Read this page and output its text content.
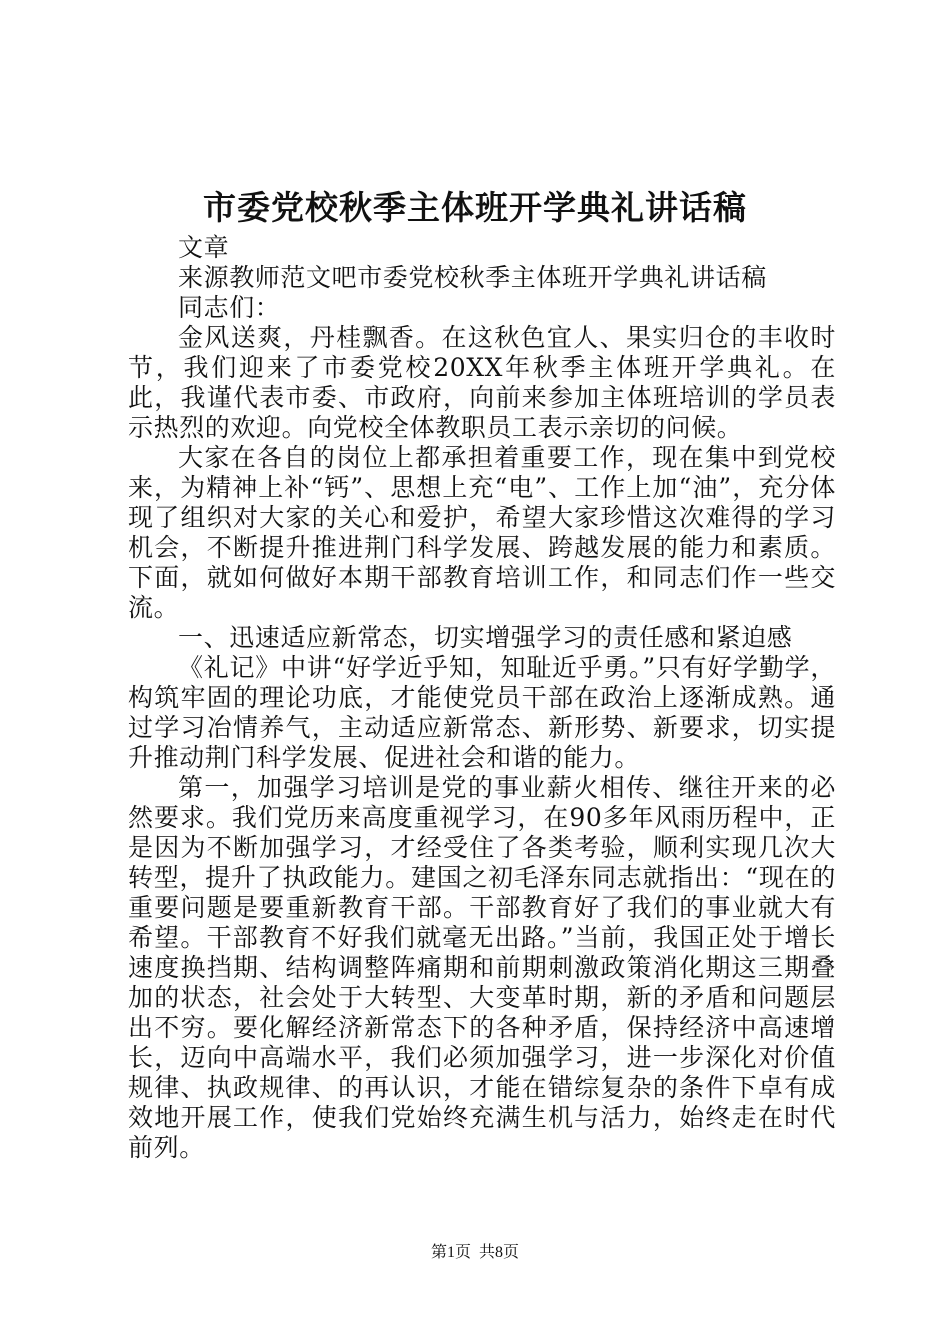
市委党校秋季主体班开学典礼讲话稿

文章

来源教师范文吧市委党校秋季主体班开学典礼讲话稿

同志们：

金风送爽，丹桂飘香。在这秋色宜人、果实归仓的丰收时节，我们迎来了市委党校20XX年秋季主体班开学典礼。在此，我谨代表市委、市政府，向前来参加主体班培训的学员表示热烈的欢迎。向党校全体教职员工表示亲切的问候。

大家在各自的岗位上都承担着重要工作，现在集中到党校来，为精神上补“钙”、思想上充“电”、工作上加“油”，充分体现了组织对大家的关心和爱护，希望大家珍惜这次难得的学习机会，不断提升推进荆门科学发展、跨越发展的能力和素质。下面，就如何做好本期干部教育培训工作，和同志们作一些交流。

一、迅速适应新常态，切实增强学习的责任感和紧迫感

《礼记》中讲“好学近乎知，知耻近乎勇。”只有好学勤学，构筑牢固的理论功底，才能使党员干部在政治上逐渐成熟。通过学习冶情养气，主动适应新常态、新形势、新要求，切实提升推动荆门科学发展、促进社会和谐的能力。

第一，加强学习培训是党的事业薪火相传、继往开来的必然要求。我们党历来高度重视学习，在90多年风雨历程中，正是因为不断加强学习，才经受住了各类考验，顺利实现几次大转型，提升了执政能力。建国之初毛泽东同志就指出：“现在的重要问题是要重新教育干部。干部教育好了我们的事业就大有希望。干部教育不好我们就毫无出路。”当前，我国正处于增长速度换挡期、结构调整阵痛期和前期刺激政策消化期这三期叠加的状态，社会处于大转型、大变革时期，新的矛盾和问题层出不穷。要化解经济新常态下的各种矛盾，保持经济中高速增长，迈向中高端水平，我们必须加强学习，进一步深化对价值规律、执政规律、的再认识，才能在错综复杂的条件下卓有成效地开展工作，使我们党始终充满生机与活力，始终走在时代前列。

第1页 共8页
